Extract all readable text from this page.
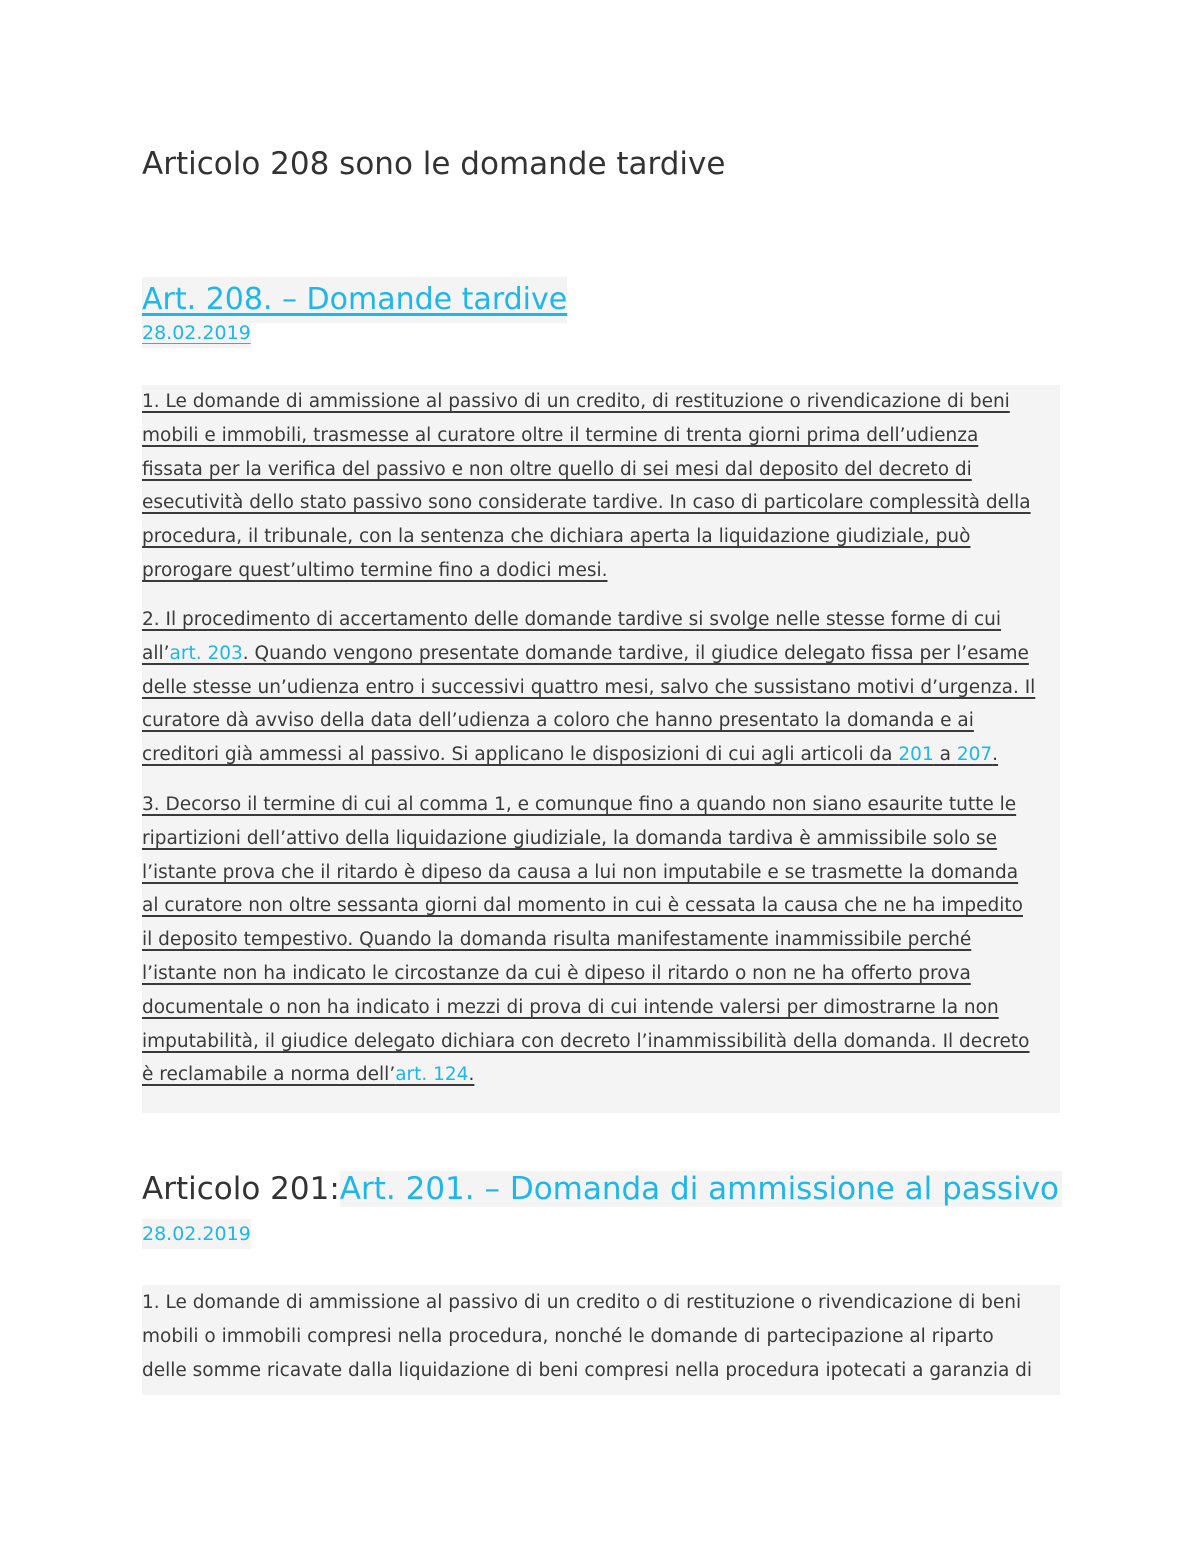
Articolo 208 sono le domande tardive
Art. 208. – Domande tardive
28.02.2019
1. Le domande di ammissione al passivo di un credito, di restituzione o rivendicazione di beni
mobili e immobili, trasmesse al curatore oltre il termine di trenta giorni prima dell’udienza
fissata per la verifica del passivo e non oltre quello di sei mesi dal deposito del decreto di
esecutività dello stato passivo sono considerate tardive. In caso di particolare complessità della
procedura, il tribunale, con la sentenza che dichiara aperta la liquidazione giudiziale, può
prorogare quest’ultimo termine fino a dodici mesi.
2. Il procedimento di accertamento delle domande tardive si svolge nelle stesse forme di cui
all’art. 203. Quando vengono presentate domande tardive, il giudice delegato fissa per l’esame
delle stesse un’udienza entro i successivi quattro mesi, salvo che sussistano motivi d’urgenza. Il
curatore dà avviso della data dell’udienza a coloro che hanno presentato la domanda e ai
creditori già ammessi al passivo. Si applicano le disposizioni di cui agli articoli da 201 a 207.
3. Decorso il termine di cui al comma 1, e comunque fino a quando non siano esaurite tutte le
ripartizioni dell’attivo della liquidazione giudiziale, la domanda tardiva è ammissibile solo se
l’istante prova che il ritardo è dipeso da causa a lui non imputabile e se trasmette la domanda
al curatore non oltre sessanta giorni dal momento in cui è cessata la causa che ne ha impedito
il deposito tempestivo. Quando la domanda risulta manifestamente inammissibile perché
l’istante non ha indicato le circostanze da cui è dipeso il ritardo o non ne ha offerto prova
documentale o non ha indicato i mezzi di prova di cui intende valersi per dimostrarne la non
imputabilità, il giudice delegato dichiara con decreto l’inammissibilità della domanda. Il decreto
è reclamabile a norma dell’art. 124.
Articolo 201:Art. 201. – Domanda di ammissione al passivo
28.02.2019
1. Le domande di ammissione al passivo di un credito o di restituzione o rivendicazione di beni
mobili o immobili compresi nella procedura, nonché le domande di partecipazione al riparto
delle somme ricavate dalla liquidazione di beni compresi nella procedura ipotecati a garanzia di
